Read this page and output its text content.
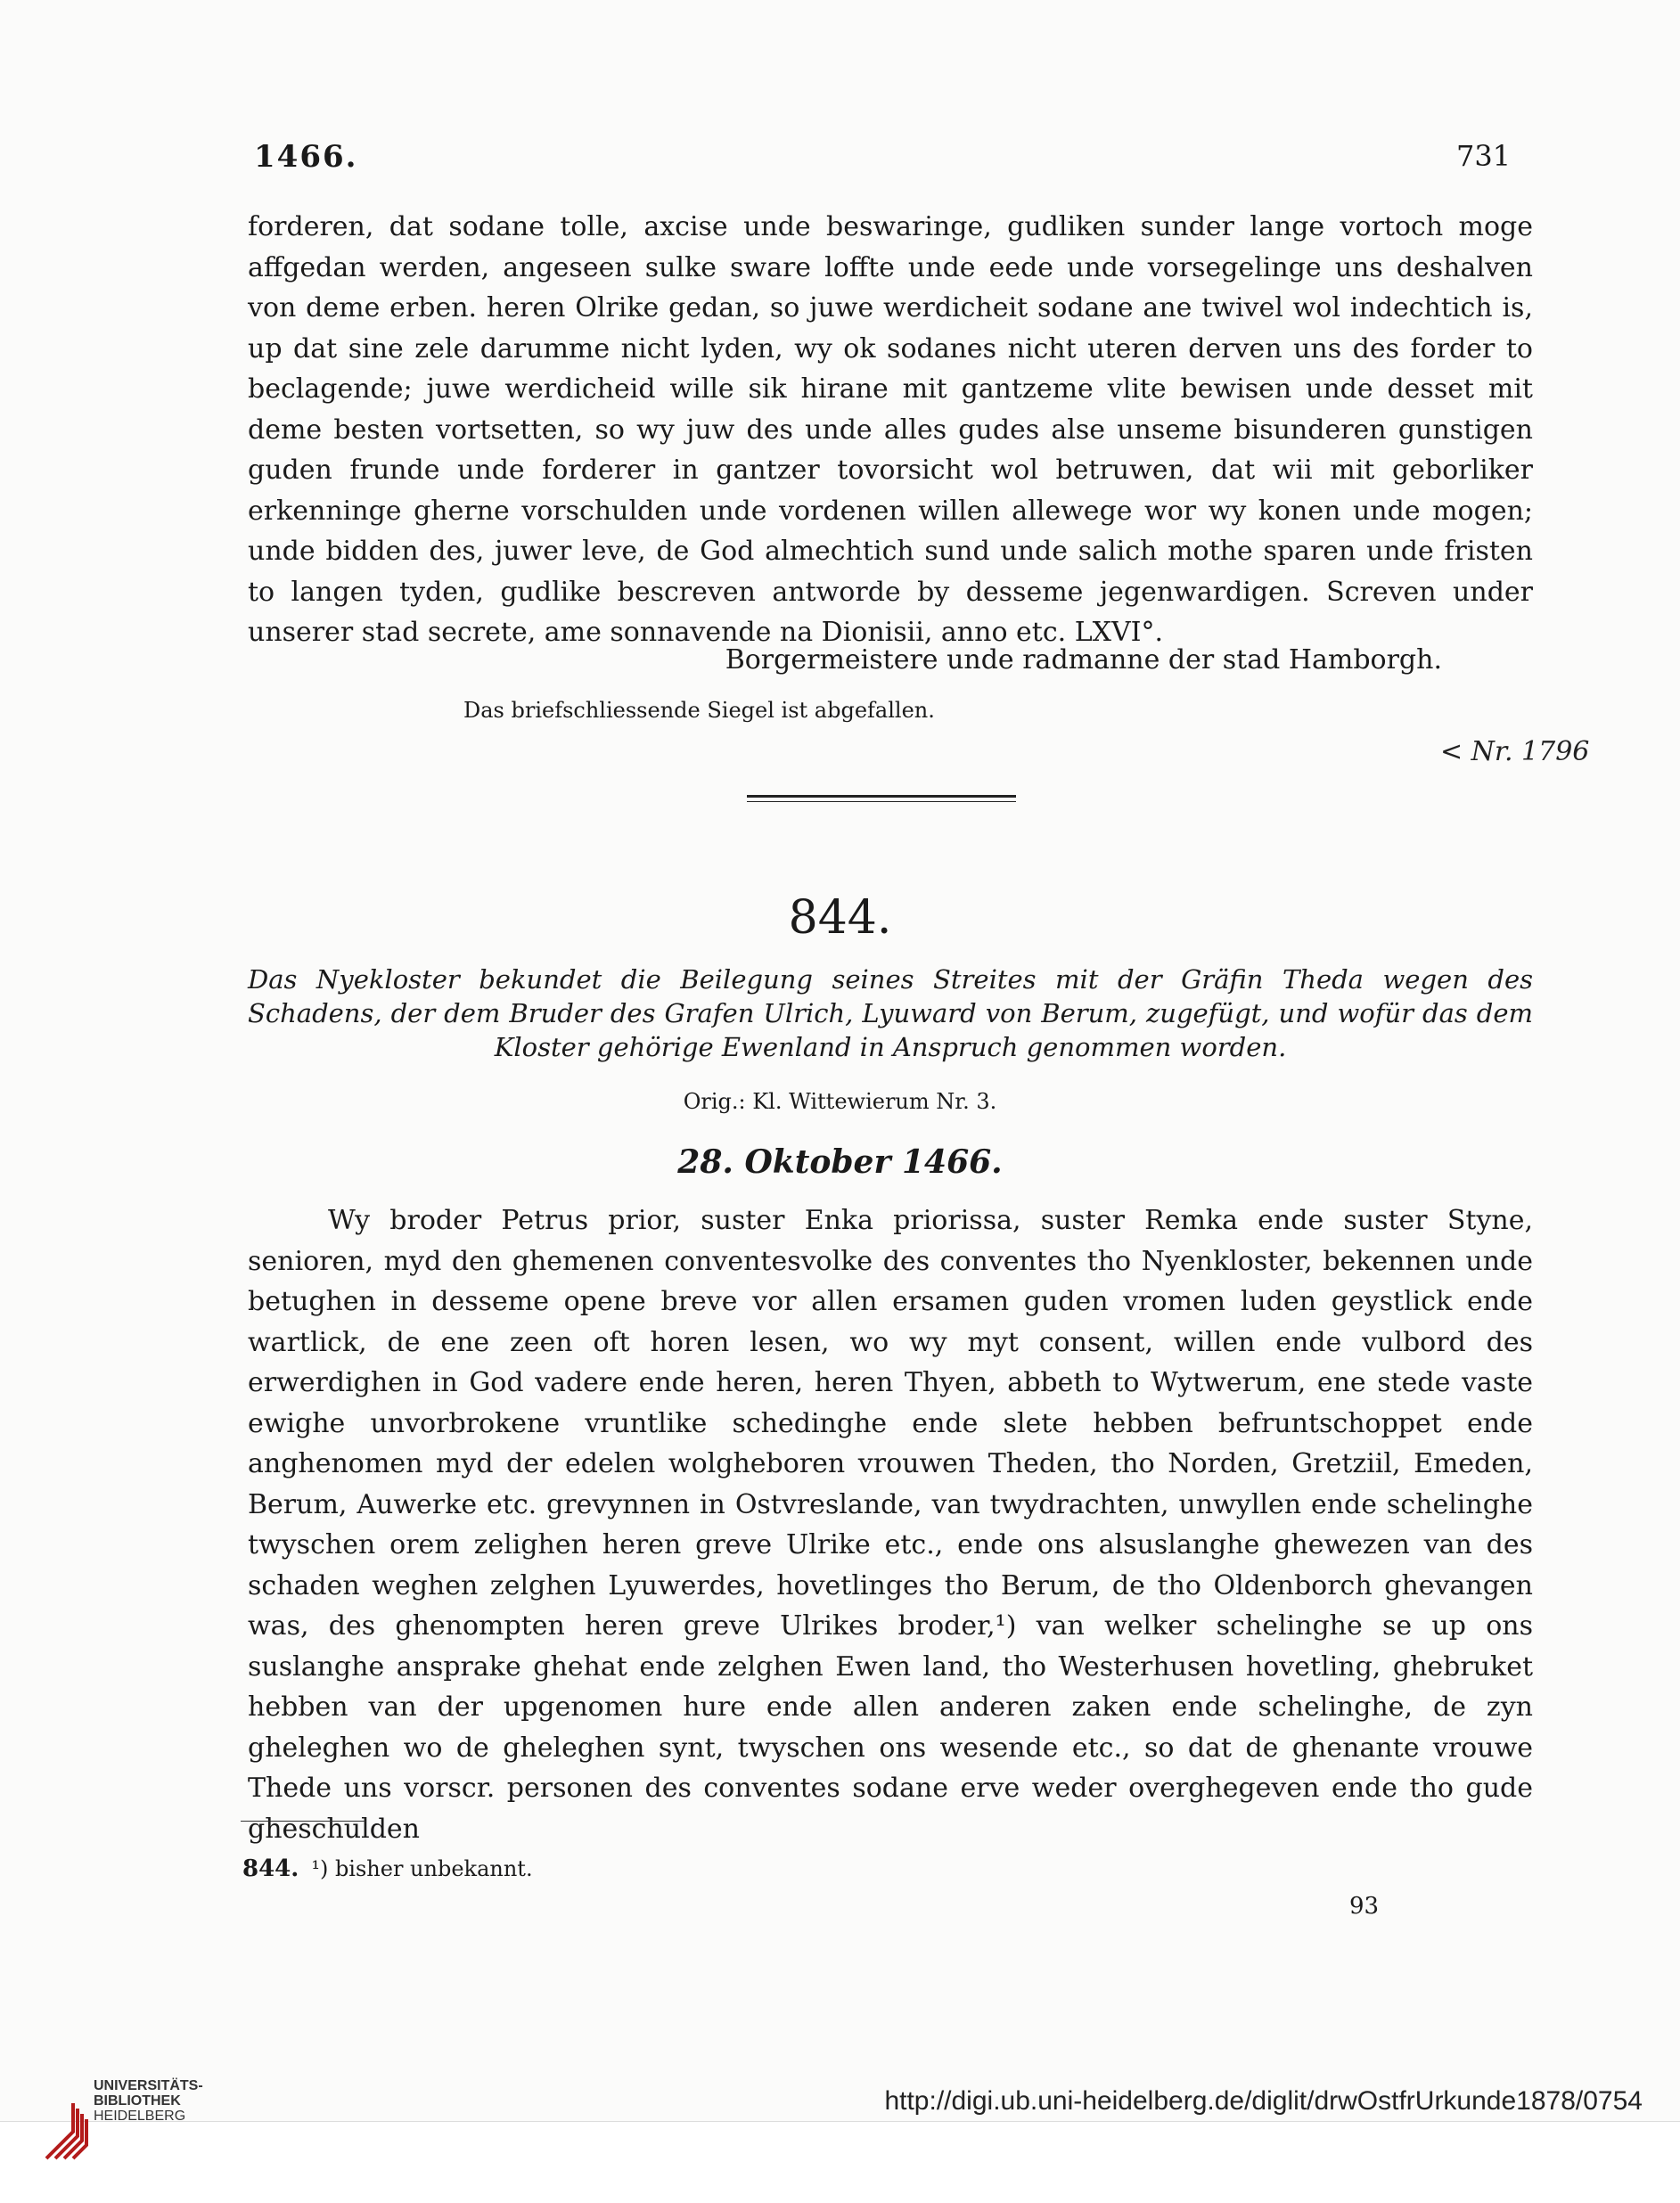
1466.	731

forderen, dat sodane tolle, axcise unde beswaringe, gudliken sunder lange vortoch moge affgedan werden, angeseen sulke sware loffte unde eede unde vorsegelinge uns deshalven von deme erben. heren Olrike gedan, so juwe werdicheit sodane ane twivel wol indechtich is, up dat sine zele darumme nicht lyden, wy ok sodanes nicht uteren derven uns des forder to beclagende; juwe werdicheid wille sik hirane mit gantzeme vlite bewisen unde desset mit deme besten vortsetten, so wy juw des unde alles gudes alse unseme bisunderen gunstigen guden frunde unde forderer in gantzer tovorsicht wol betruwen, dat wii mit geborliker erkenninge gherne vorschulden unde vordenen willen allewege wor wy konen unde mogen; unde bidden des, juwer leve, de God almechtich sund unde salich mothe sparen unde fristen to langen tyden, gudlike bescreven antworde by desseme jegenwardigen. Screven under unserer stad secrete, ame sonnavende na Dionisii, anno etc. LXVI°.

Borgermeistere unde radmanne der stad Hamborgh.
Das briefschliessende Siegel ist abgefallen.
< Nr. 1796
844.
Das Nyekloster bekundet die Beilegung seines Streites mit der Gräfin Theda wegen des Schadens, der dem Bruder des Grafen Ulrich, Lyuward von Berum, zugefügt, und wofür das dem Kloster gehörige Ewenland in Anspruch genommen worden.
Orig.: Kl. Wittewierum Nr. 3.
28. Oktober 1466.

Wy broder Petrus prior, suster Enka priorissa, suster Remka ende suster Styne, senioren, myd den ghemenen conventesvolke des conventes tho Nyenkloster, bekennen unde betughen in desseme opene breve vor allen ersamen guden vromen luden geystlick ende wartlick, de ene zeen oft horen lesen, wo wy myt consent, willen ende vulbord des erwerdighen in God vadere ende heren, heren Thyen, abbeth to Wytwerum, ene stede vaste ewighe unvorbrokene vruntlike schedinghe ende slete hebben befruntschoppet ende anghenomen myd der edelen wolgheboren vrouwen Theden, tho Norden, Gretziil, Emeden, Berum, Auwerke etc. grevynnen in Ostvreslande, van twydrachten, unwyllen ende schelinghe twyschen orem zelighen heren greve Ulrike etc., ende ons alsuslanghe ghewezen van des schaden weghen zelghen Lyuwerdes, hovetlinges tho Berum, de tho Oldenborch ghevangen was, des ghenompten heren greve Ulrikes broder,¹) van welker schelinghe se up ons suslanghe ansprake ghehat ende zelghen Ewen land, tho Westerhusen hovetling, ghebruket hebben van der upgenomen hure ende allen anderen zaken ende schelinghe, de zyn gheleghen wo de gheleghen synt, twyschen ons wesende etc., so dat de ghenante vrouwe Thede uns vorscr. personen des conventes sodane erve weder overghegeven ende tho gude gheschulden

844. ¹) bisher unbekannt.
93
UNIVERSITÄTS-
BIBLIOTHEK
HEIDELBERG
http://digi.ub.uni-heidelberg.de/diglit/drwOstfrUrkunde1878/0754
